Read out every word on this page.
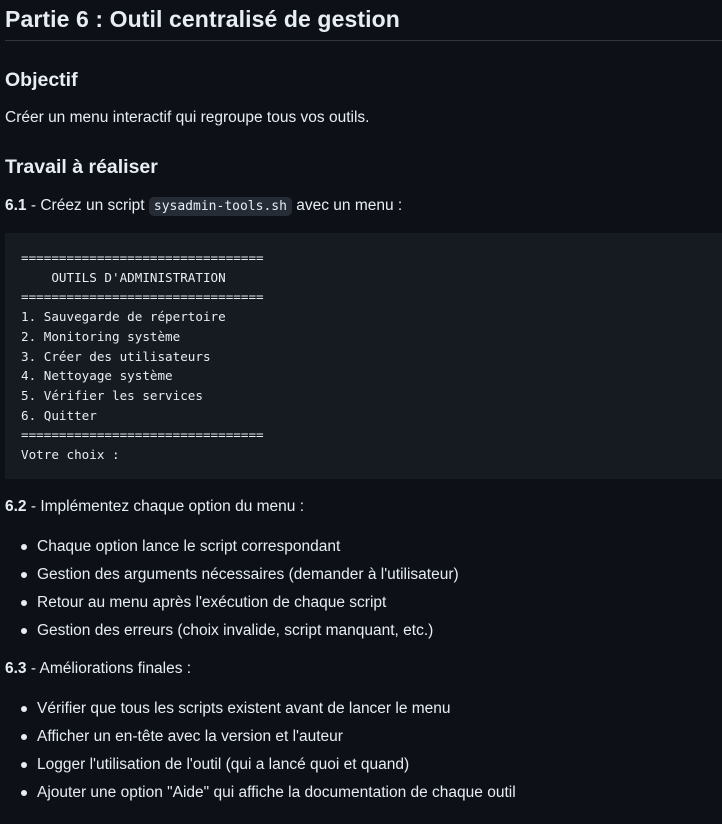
Partie 6 : Outil centralisé de gestion
Objectif

Créer un menu interactif qui regroupe tous vos outils.

Travail à réaliser

6.1 - Créez un script sysadmin-tools.sh avec un menu :

================================
OUTILS D'ADMINISTRATION
================================
1. Sauvegarde de répertoire
2. Monitoring système
3. Créer des utilisateurs
4. Nettoyage système
5. Vérifier les services
6. Quitter
================================
Votre choix :

6.2 - Implémentez chaque option du menu :

Chaque option lance le script correspondant
Gestion des arguments nécessaires (demander à l'utilisateur)
Retour au menu après l'exécution de chaque script
Gestion des erreurs (choix invalide, script manquant, etc.)

6.3 - Améliorations finales :

Vérifier que tous les scripts existent avant de lancer le menu
Afficher un en-tête avec la version et l'auteur
Logger l'utilisation de l'outil (qui a lancé quoi et quand)
Ajouter une option "Aide" qui affiche la documentation de chaque outil
